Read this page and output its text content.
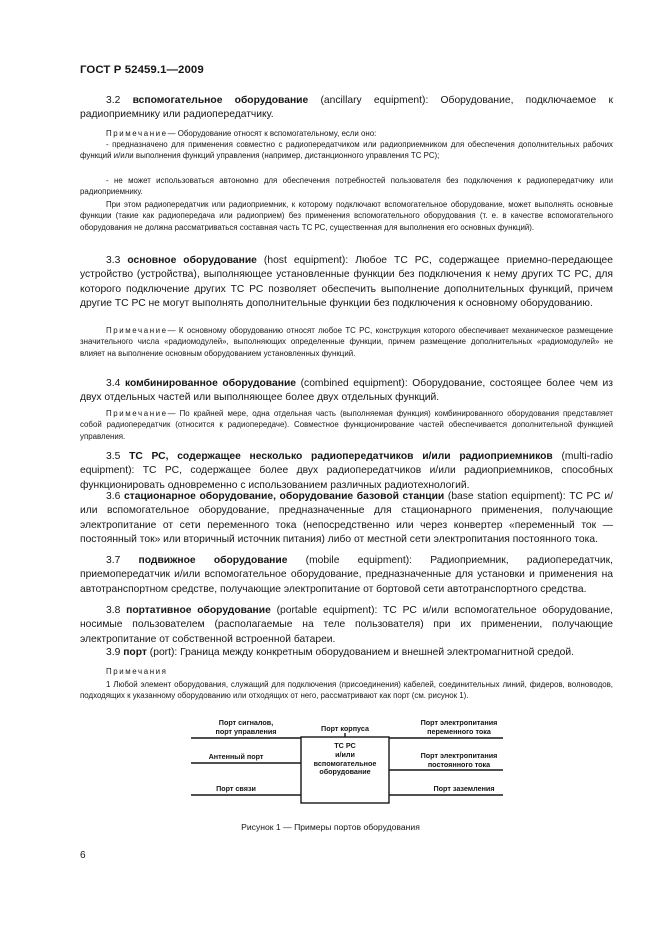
ГОСТ Р 52459.1—2009

3.2 вспомогательное оборудование (ancillary equipment): Оборудование, подключаемое к радиоприемнику или радиопередатчику.

Примечание— Оборудование относят к вспомогательному, если оно:

- предназначено для применения совместно с радиопередатчиком или радиоприемником для обеспечения дополнительных рабочих функций и/или выполнения функций управления (например, дистанционного управления ТС РС);

- не может использоваться автономно для обеспечения потребностей пользователя без подключения к радиопередатчику или радиоприемнику.

При этом радиопередатчик или радиоприемник, к которому подключают вспомогательное оборудование, может выполнять основные функции (такие как радиопередача или радиоприем) без применения вспомогательного оборудования (т. е. в качестве вспомогательного оборудования не должна рассматриваться составная часть ТС РС, существенная для выполнения его основных функций).

3.3 основное оборудование (host equipment): Любое ТС РС, содержащее приемно-передающее устройство (устройства), выполняющее установленные функции без подключения к нему других ТС РС, для которого подключение других ТС РС позволяет обеспечить выполнение дополнительных функций, причем другие ТС РС не могут выполнять дополнительные функции без подключения к основному оборудованию.

Примечание— К основному оборудованию относят любое ТС РС, конструкция которого обеспечивает механическое размещение значительного числа «радиомодулей», выполняющих определенные функции, причем размещение дополнительных «радиомодулей» не влияет на выполнение основным оборудованием установленных функций.

3.4 комбинированное оборудование (combined equipment): Оборудование, состоящее более чем из двух отдельных частей или выполняющее более двух отдельных функций.

Примечание— По крайней мере, одна отдельная часть (выполняемая функция) комбинированного оборудования представляет собой радиопередатчик (относится к радиопередаче). Совместное функционирование частей обеспечивается дополнительной функцией управления.

3.5 ТС РС, содержащее несколько радиопередатчиков и/или радиоприемников (multi-radio equipment): ТС РС, содержащее более двух радиопередатчиков и/или радиоприемников, способных функционировать одновременно с использованием различных радиотехнологий.

3.6 стационарное оборудование, оборудование базовой станции (base station equipment): ТС РС и/или вспомогательное оборудование, предназначенные для стационарного применения, получающие электропитание от сети переменного тока (непосредственно или через конвертер «переменный ток — постоянный ток» или вторичный источник питания) либо от местной сети электропитания постоянного тока.

3.7 подвижное оборудование (mobile equipment): Радиоприемник, радиопередатчик, приемопередатчик и/или вспомогательное оборудование, предназначенные для установки и применения на автотранспортном средстве, получающие электропитание от бортовой сети автотранспортного средства.

3.8 портативное оборудование (portable equipment): ТС РС и/или вспомогательное оборудование, носимые пользователем (располагаемые на теле пользователя) при их применении, получающие электропитание от собственной встроенной батареи.

3.9 порт (port): Граница между конкретным оборудованием и внешней электромагнитной средой.

Примечания

1 Любой элемент оборудования, служащий для подключения (присоединения) кабелей, соединительных линий, фидеров, волноводов, подходящих к указанному оборудованию или отходящих от него, рассматривают как порт (см. рисунок 1).

ТС РС
и/или
вспомогательное
оборудование
Порт корпуса
Порт сигналов,
порт управления
Антенный порт
Порт связи
Порт электропитания
переменного тока
Порт электропитания
постоянного тока
Порт заземления
Рисунок 1 — Примеры портов оборудования
6
